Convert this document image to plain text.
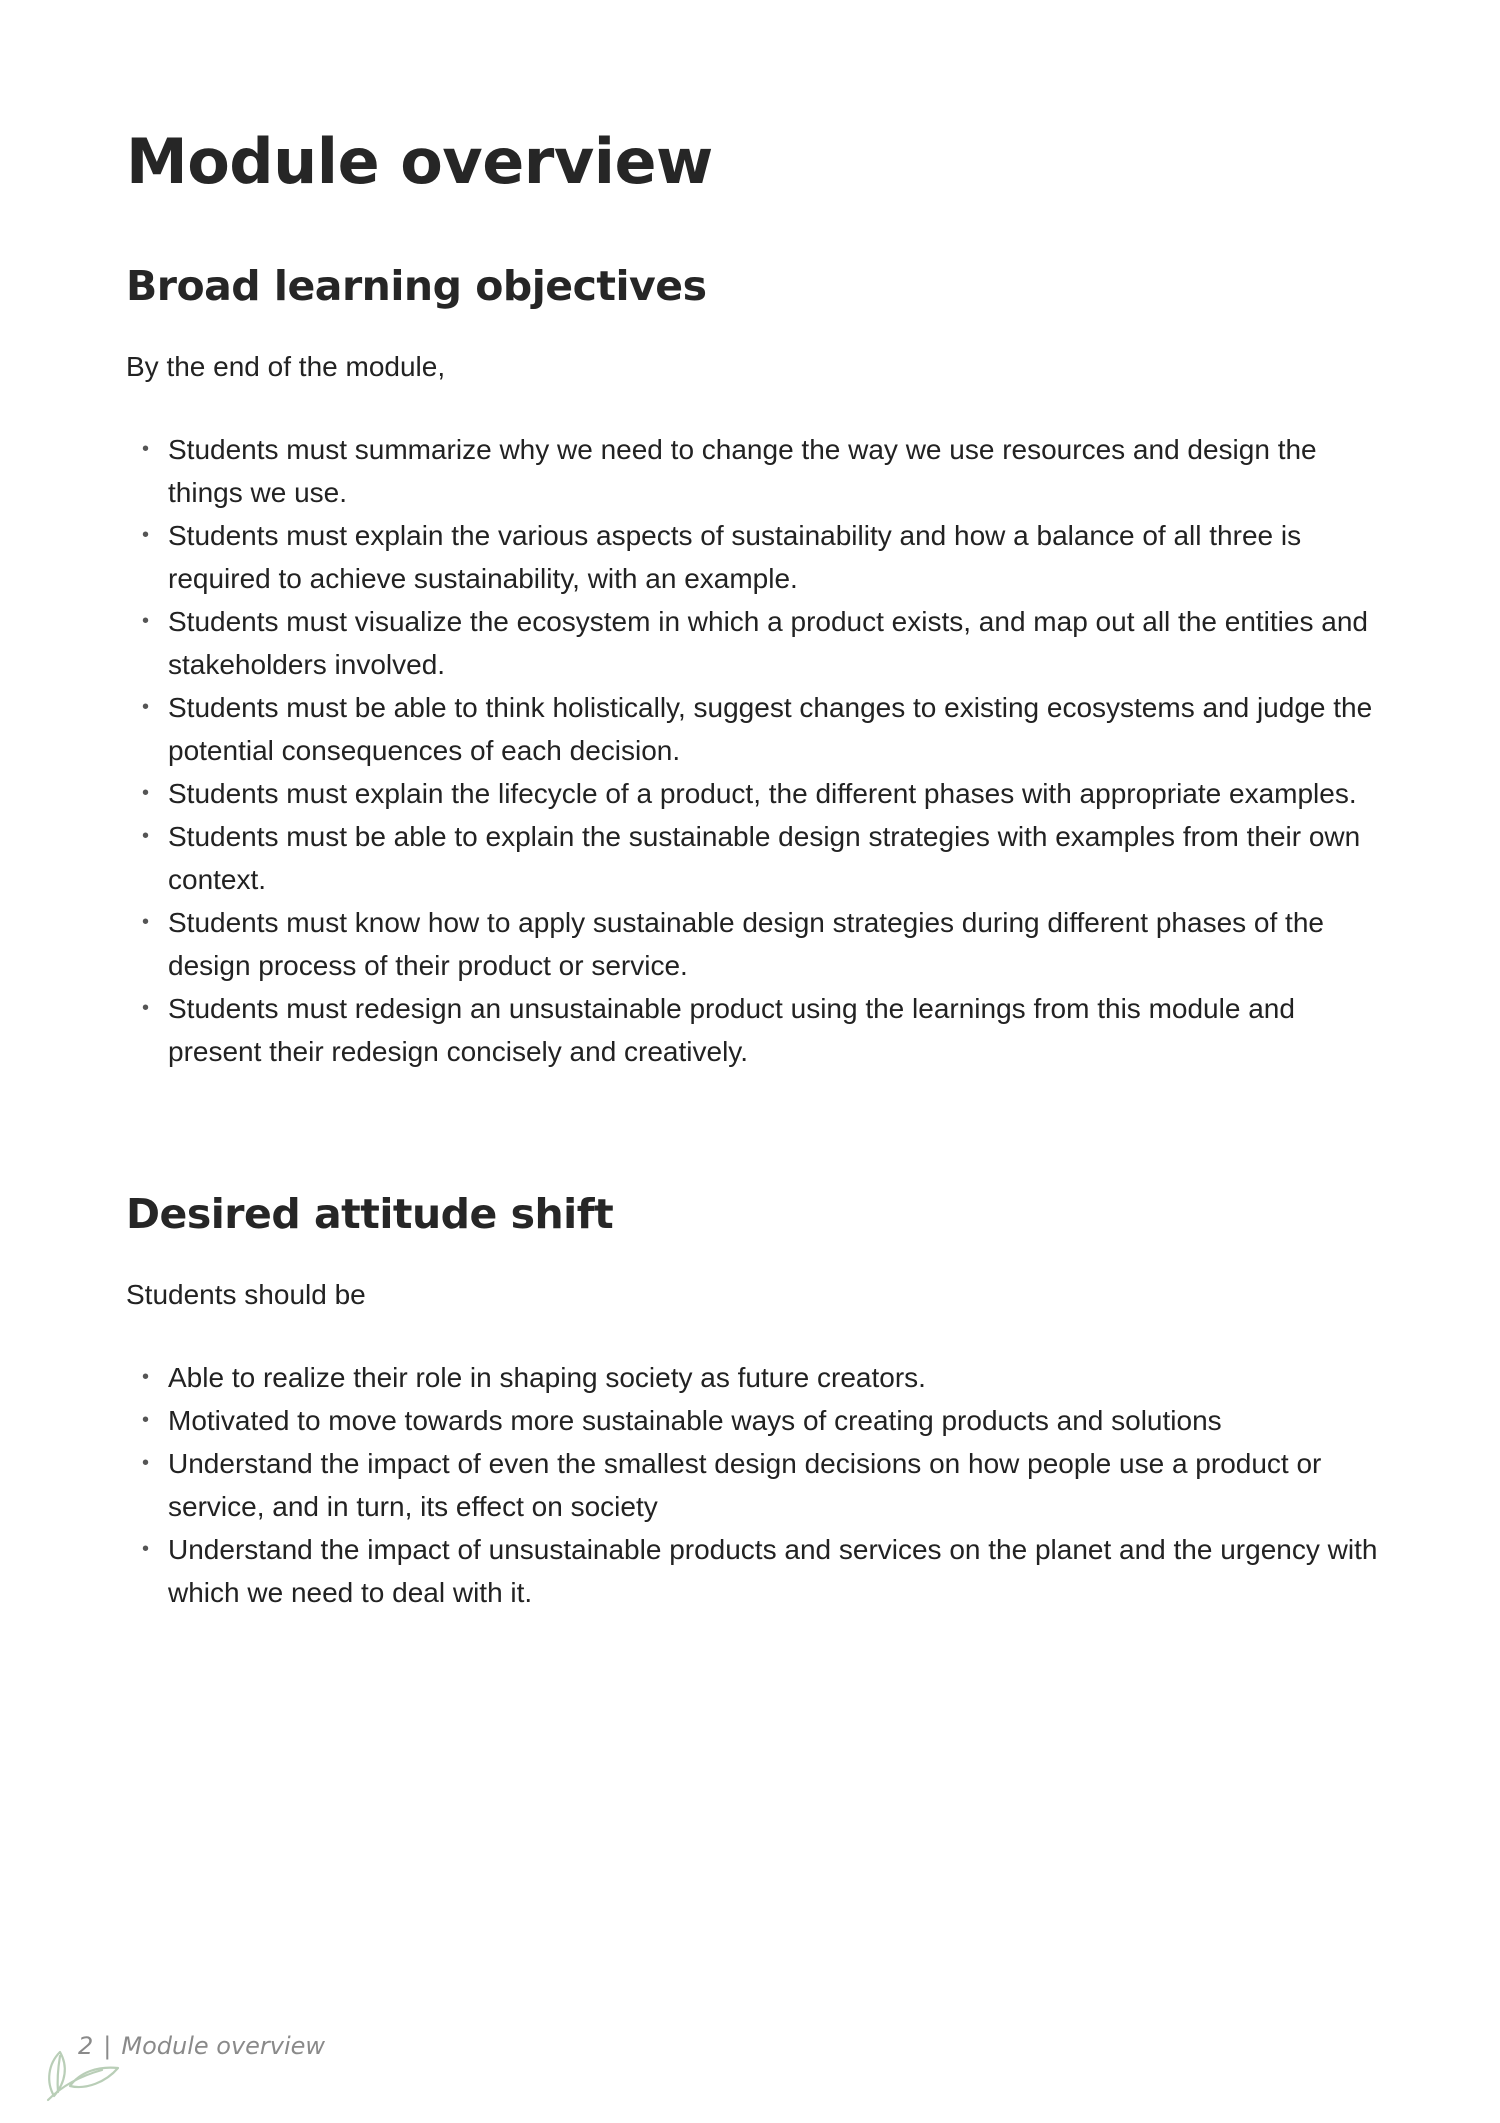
Module overview
Broad learning objectives

By the end of the module,

• Students must summarize why we need to change the way we use resources and design the things we use.
• Students must explain the various aspects of sustainability and how a balance of all three is required to achieve sustainability, with an example.
• Students must visualize the ecosystem in which a product exists, and map out all the entities and stakeholders involved.
• Students must be able to think holistically, suggest changes to existing ecosystems and judge the potential consequences of each decision.
• Students must explain the lifecycle of a product, the different phases with appropriate examples.
• Students must be able to explain the sustainable design strategies with examples from their own context.
• Students must know how to apply sustainable design strategies during different phases of the design process of their product or service.
• Students must redesign an unsustainable product using the learnings from this module and present their redesign concisely and creatively.
Desired attitude shift

Students should be

• Able to realize their role in shaping society as future creators.
• Motivated to move towards more sustainable ways of creating products and solutions
• Understand the impact of even the smallest design decisions on how people use a product or service, and in turn, its effect on society
• Understand the impact of unsustainable products and services on the planet and the urgency with which we need to deal with it.
2 | Module overview
